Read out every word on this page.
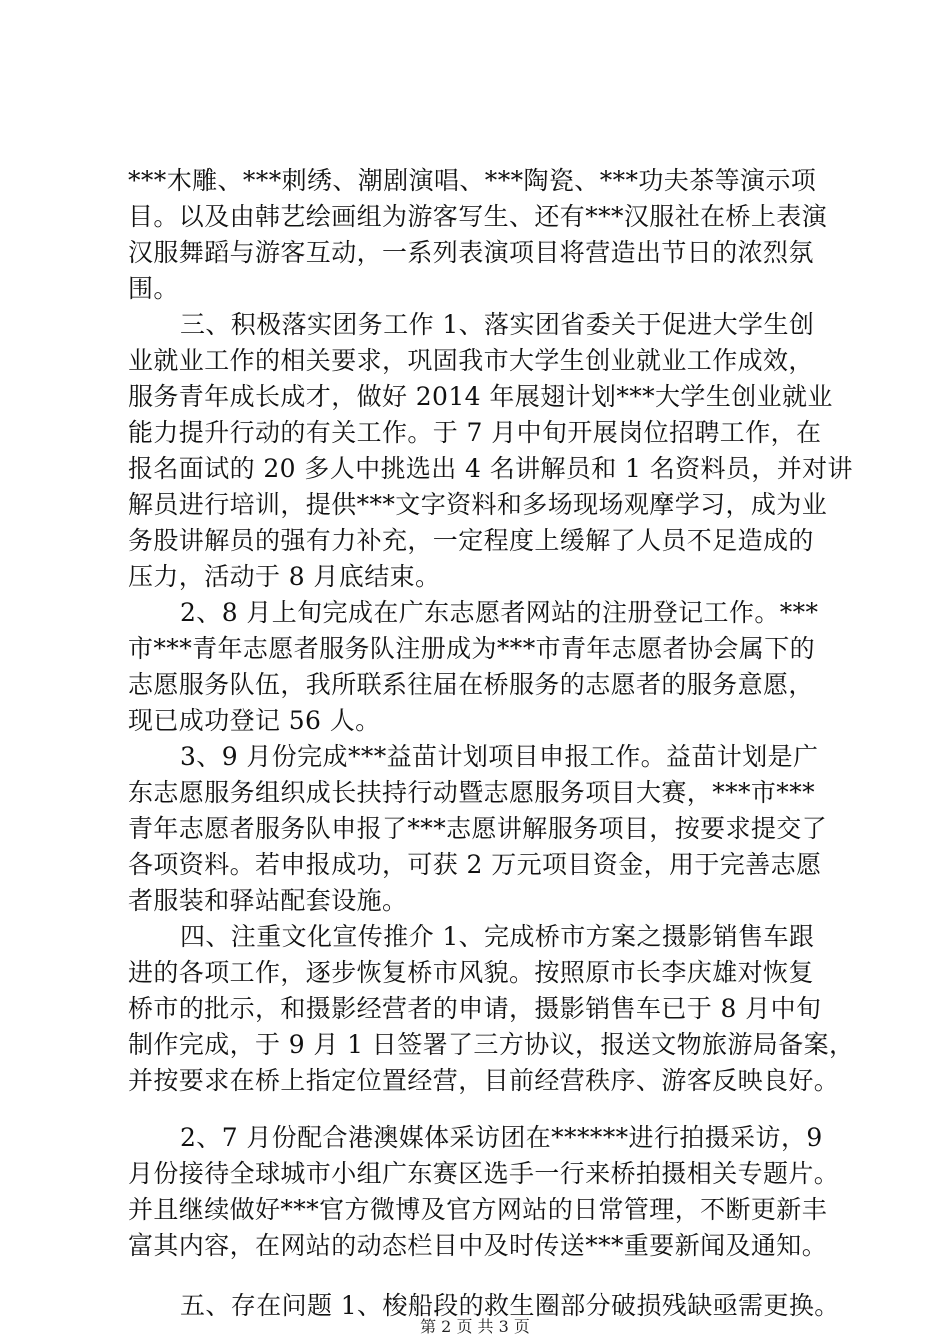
***木雕、***刺绣、潮剧演唱、***陶瓷、***功夫茶等演示项
目。以及由韩艺绘画组为游客写生、还有***汉服社在桥上表演
汉服舞蹈与游客互动，一系列表演项目将营造出节日的浓烈氛
围。
三、积极落实团务工作 1、落实团省委关于促进大学生创
业就业工作的相关要求，巩固我市大学生创业就业工作成效，
服务青年成长成才，做好 2014 年展翅计划***大学生创业就业
能力提升行动的有关工作。于 7 月中旬开展岗位招聘工作，在
报名面试的 20 多人中挑选出 4 名讲解员和 1 名资料员，并对讲
解员进行培训，提供***文字资料和多场现场观摩学习，成为业
务股讲解员的强有力补充，一定程度上缓解了人员不足造成的
压力，活动于 8 月底结束。
2、8 月上旬完成在广东志愿者网站的注册登记工作。***
市***青年志愿者服务队注册成为***市青年志愿者协会属下的
志愿服务队伍，我所联系往届在桥服务的志愿者的服务意愿，
现已成功登记 56 人。
3、9 月份完成***益苗计划项目申报工作。益苗计划是广
东志愿服务组织成长扶持行动暨志愿服务项目大赛，***市***
青年志愿者服务队申报了***志愿讲解服务项目，按要求提交了
各项资料。若申报成功，可获 2 万元项目资金，用于完善志愿
者服装和驿站配套设施。
四、注重文化宣传推介 1、完成桥市方案之摄影销售车跟
进的各项工作，逐步恢复桥市风貌。按照原市长李庆雄对恢复
桥市的批示，和摄影经营者的申请，摄影销售车已于 8 月中旬
制作完成，于 9 月 1 日签署了三方协议，报送文物旅游局备案，
并按要求在桥上指定位置经营，目前经营秩序、游客反映良好。
2、7 月份配合港澳媒体采访团在******进行拍摄采访，9
月份接待全球城市小组广东赛区选手一行来桥拍摄相关专题片。
并且继续做好***官方微博及官方网站的日常管理，不断更新丰
富其内容，在网站的动态栏目中及时传送***重要新闻及通知。
五、存在问题 1、梭船段的救生圈部分破损残缺亟需更换。
第 2 页 共 3 页
